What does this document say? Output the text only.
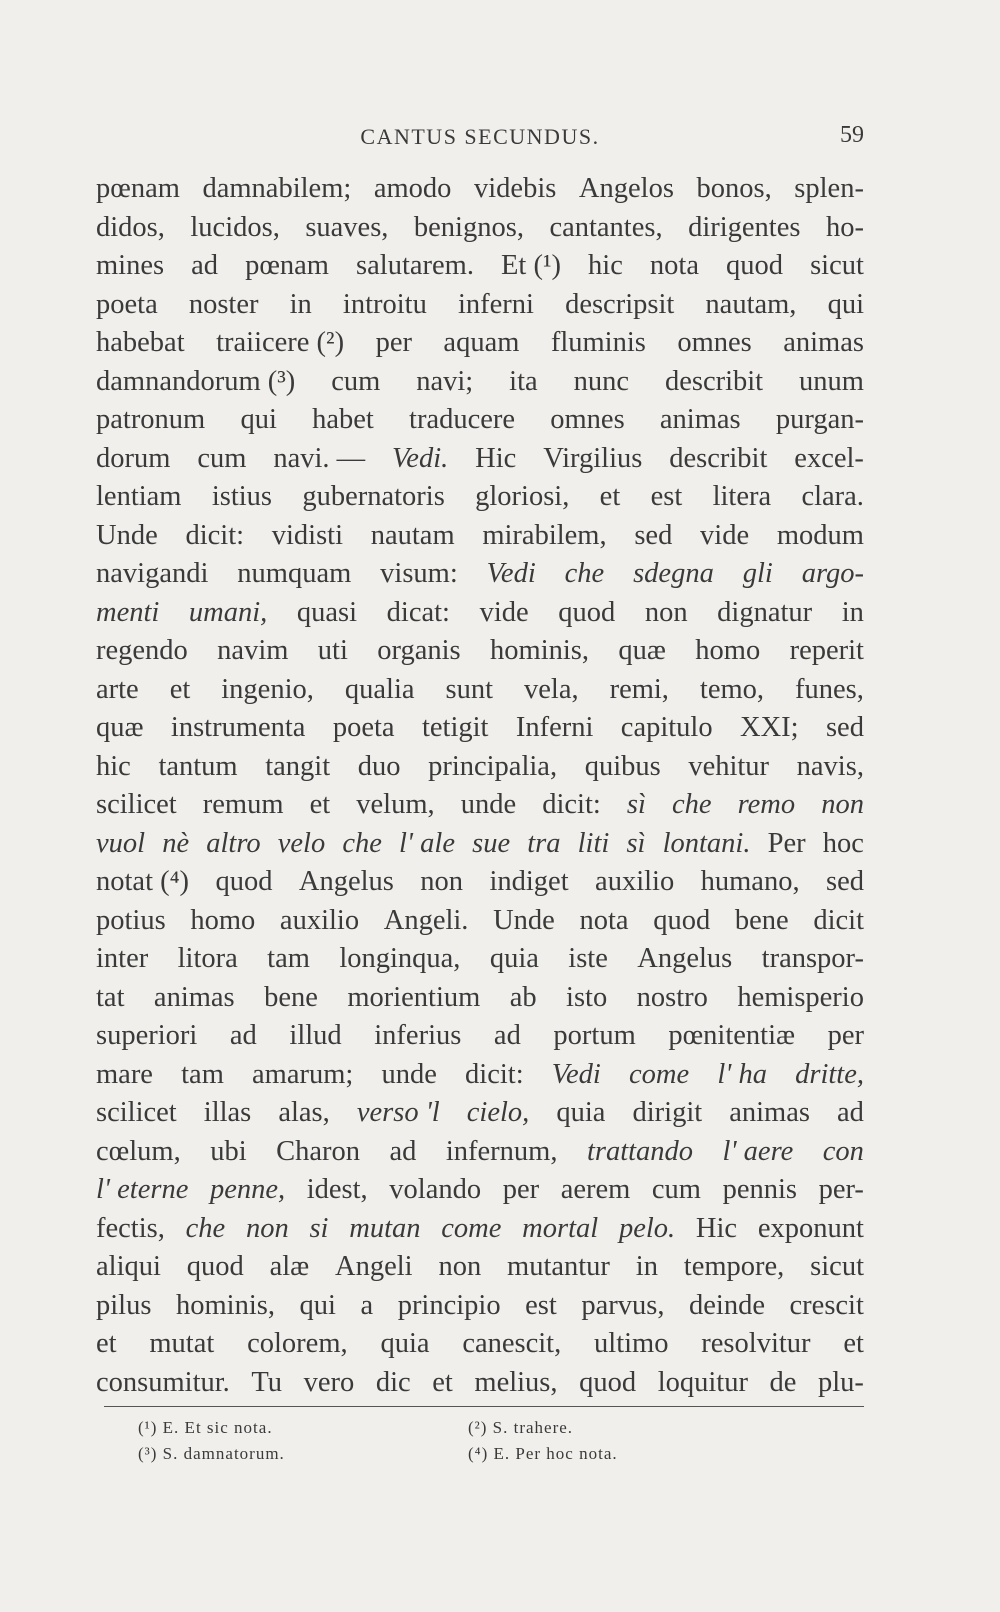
CANTUS SECUNDUS.	59
pœnam damnabilem; amodo videbis Angelos bonos, splen-
didos, lucidos, suaves, benignos, cantantes, dirigentes ho-
mines ad pœnam salutarem. Et (¹) hic nota quod sicut
poeta noster in introitu inferni descripsit nautam, qui
habebat traiicere (²) per aquam fluminis omnes animas
damnandorum (³) cum navi; ita nunc describit unum
patronum qui habet traducere omnes animas purgan-
dorum cum navi. — Vedi. Hic Virgilius describit excel-
lentiam istius gubernatoris gloriosi, et est litera clara.
Unde dicit: vidisti nautam mirabilem, sed vide modum
navigandi numquam visum: Vedi che sdegna gli argo-
menti umani, quasi dicat: vide quod non dignatur in
regendo navim uti organis hominis, quæ homo reperit
arte et ingenio, qualia sunt vela, remi, temo, funes,
quæ instrumenta poeta tetigit Inferni capitulo XXI; sed
hic tantum tangit duo principalia, quibus vehitur navis,
scilicet remum et velum, unde dicit: sì che remo non
vuol nè altro velo che l' ale sue tra liti sì lontani. Per hoc
notat (⁴) quod Angelus non indiget auxilio humano, sed
potius homo auxilio Angeli. Unde nota quod bene dicit
inter litora tam longinqua, quia iste Angelus transpor-
tat animas bene morientium ab isto nostro hemisperio
superiori ad illud inferius ad portum pœnitentiæ per
mare tam amarum; unde dicit: Vedi come l' ha dritte,
scilicet illas alas, verso 'l cielo, quia dirigit animas ad
cœlum, ubi Charon ad infernum, trattando l' aere con
l' eterne penne, idest, volando per aerem cum pennis per-
fectis, che non si mutan come mortal pelo. Hic exponunt
aliqui quod alæ Angeli non mutantur in tempore, sicut
pilus hominis, qui a principio est parvus, deinde crescit
et mutat colorem, quia canescit, ultimo resolvitur et
consumitur. Tu vero dic et melius, quod loquitur de plu-
(¹) E. Et sic nota.	(²) S. trahere.
(³) S. damnatorum.	(⁴) E. Per hoc nota.
